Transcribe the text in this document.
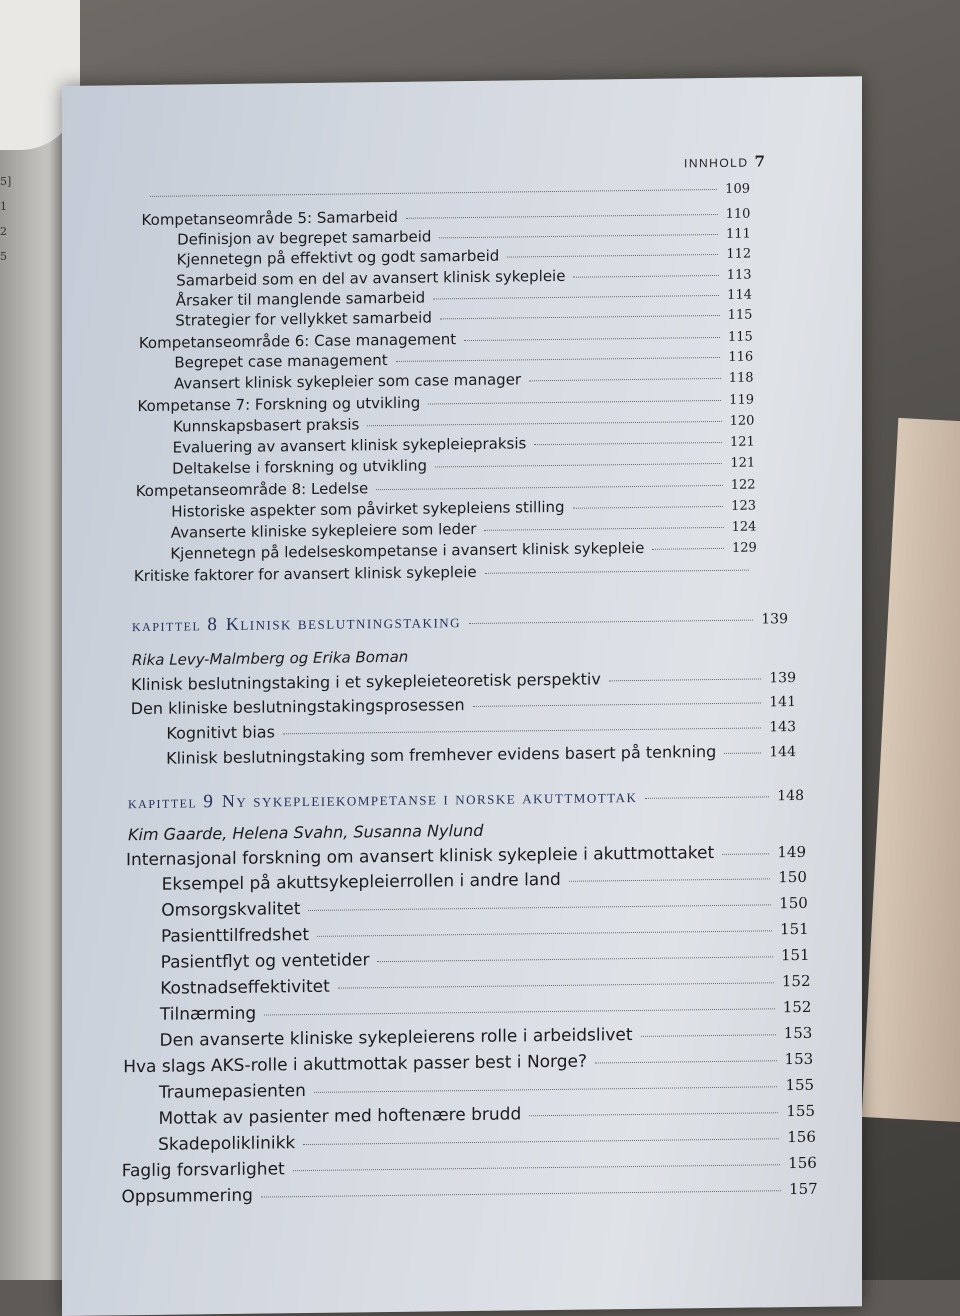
5]
1
2
5
INNHOLD 7
109
Kompetanseområde 5: Samarbeid	110
Definisjon av begrepet samarbeid	111
Kjennetegn på effektivt og godt samarbeid	112
Samarbeid som en del av avansert klinisk sykepleie	113
Årsaker til manglende samarbeid	114
Strategier for vellykket samarbeid	115
Kompetanseområde 6: Case management	115
Begrepet case management	116
Avansert klinisk sykepleier som case manager	118
Kompetanse 7: Forskning og utvikling	119
Kunnskapsbasert praksis	120
Evaluering av avansert klinisk sykepleiepraksis	121
Deltakelse i forskning og utvikling	121
Kompetanseområde 8: Ledelse	122
Historiske aspekter som påvirket sykepleiens stilling	123
Avanserte kliniske sykepleiere som leder	124
Kjennetegn på ledelseskompetanse i avansert klinisk sykepleie	129
Kritiske faktorer for avansert klinisk sykepleie
kapittel 8 Klinisk beslutningstaking	139
Rika Levy-Malmberg og Erika Boman
Klinisk beslutningstaking i et sykepleieteoretisk perspektiv	139
Den kliniske beslutningstakingsprosessen	141
Kognitivt bias	143
Klinisk beslutningstaking som fremhever evidens basert på tenkning	144
kapittel 9 Ny sykepleiekompetanse i norske akuttmottak	148
Kim Gaarde, Helena Svahn, Susanna Nylund
Internasjonal forskning om avansert klinisk sykepleie i akuttmottaket	149
Eksempel på akuttsykepleierrollen i andre land	150
Omsorgskvalitet	150
Pasienttilfredshet	151
Pasientflyt og ventetider	151
Kostnadseffektivitet	152
Tilnærming	152
Den avanserte kliniske sykepleierens rolle i arbeidslivet	153
Hva slags AKS-rolle i akuttmottak passer best i Norge?	153
Traumepasienten	155
Mottak av pasienter med hoftenære brudd	155
Skadepoliklinikk	156
Faglig forsvarlighet	156
Oppsummering	157
